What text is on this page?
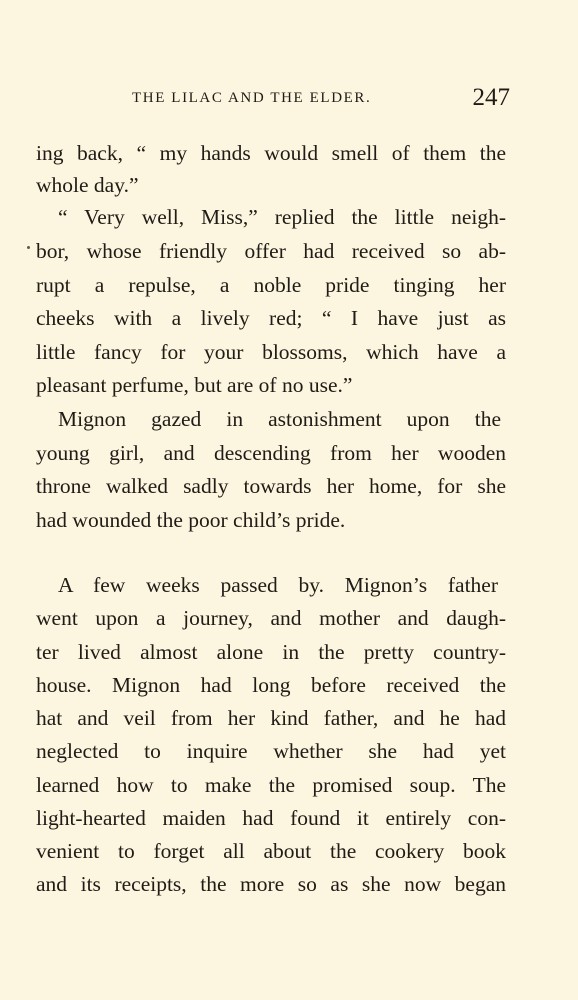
THE LILAC AND THE ELDER.	247
ing back, “ my hands would smell of them the
whole day.”
“ Very well, Miss,” replied the little neigh-
bor, whose friendly offer had received so ab-
rupt a repulse, a noble pride tinging her
cheeks with a lively red; “ I have just as
little fancy for your blossoms, which have a
pleasant perfume, but are of no use.”
Mignon gazed in astonishment upon the
young girl, and descending from her wooden
throne walked sadly towards her home, for she
had wounded the poor child’s pride.
A few weeks passed by. Mignon’s father
went upon a journey, and mother and daugh-
ter lived almost alone in the pretty country-
house. Mignon had long before received the
hat and veil from her kind father, and he had
neglected to inquire whether she had yet
learned how to make the promised soup. The
light-hearted maiden had found it entirely con-
venient to forget all about the cookery book
and its receipts, the more so as she now began
